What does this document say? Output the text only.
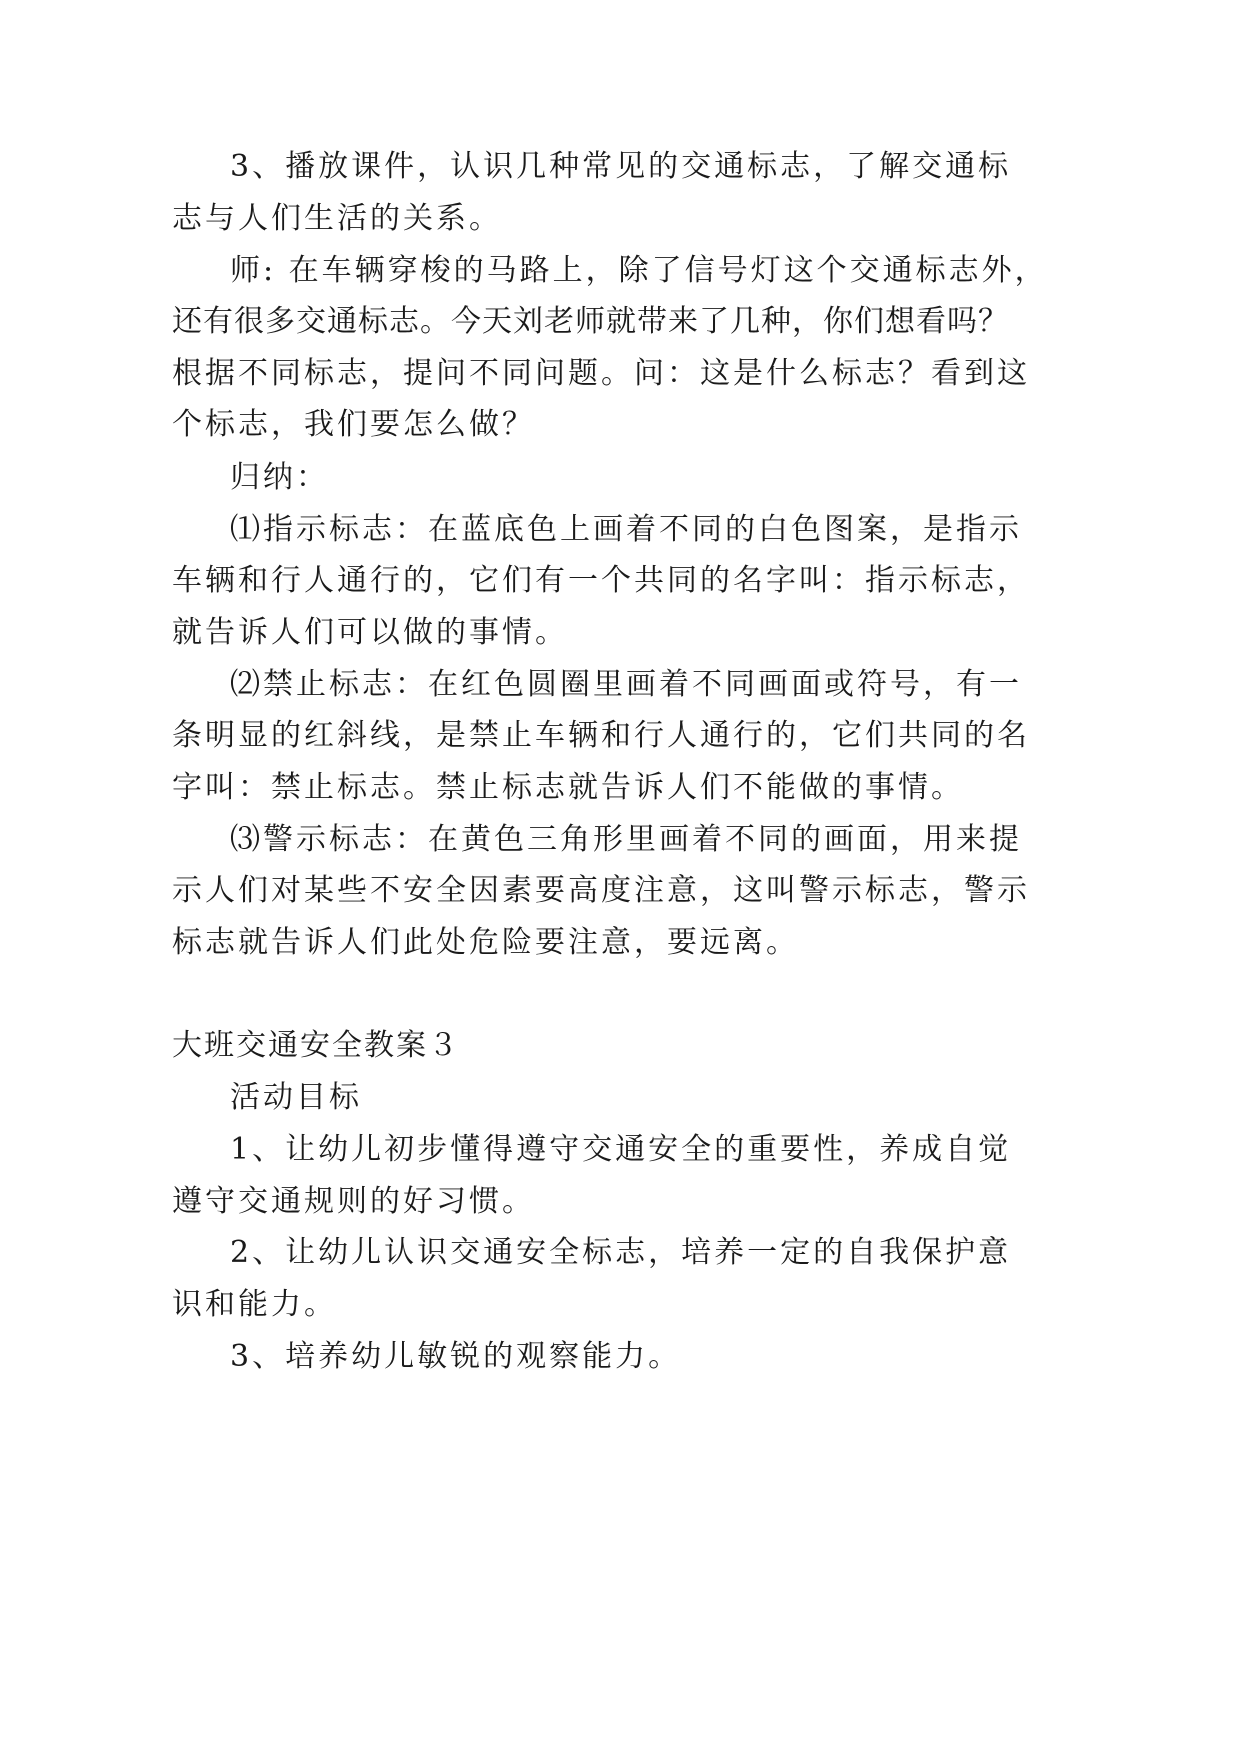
3、播放课件，认识几种常见的交通标志，了解交通标
志与人们生活的关系。
师: 在车辆穿梭的马路上，除了信号灯这个交通标志外，
还有很多交通标志。今天刘老师就带来了几种，你们想看吗？
根据不同标志，提问不同问题。问：这是什么标志？看到这
个标志，我们要怎么做？
归纳：
⑴指示标志：在蓝底色上画着不同的白色图案，是指示
车辆和行人通行的，它们有一个共同的名字叫：指示标志，
就告诉人们可以做的事情。
⑵禁止标志：在红色圆圈里画着不同画面或符号，有一
条明显的红斜线，是禁止车辆和行人通行的，它们共同的名
字叫：禁止标志。禁止标志就告诉人们不能做的事情。
⑶警示标志：在黄色三角形里画着不同的画面，用来提
示人们对某些不安全因素要高度注意，这叫警示标志，警示
标志就告诉人们此处危险要注意，要远离。
大班交通安全教案３
活动目标
1、让幼儿初步懂得遵守交通安全的重要性，养成自觉
遵守交通规则的好习惯。
2、让幼儿认识交通安全标志，培养一定的自我保护意
识和能力。
3、培养幼儿敏锐的观察能力。
